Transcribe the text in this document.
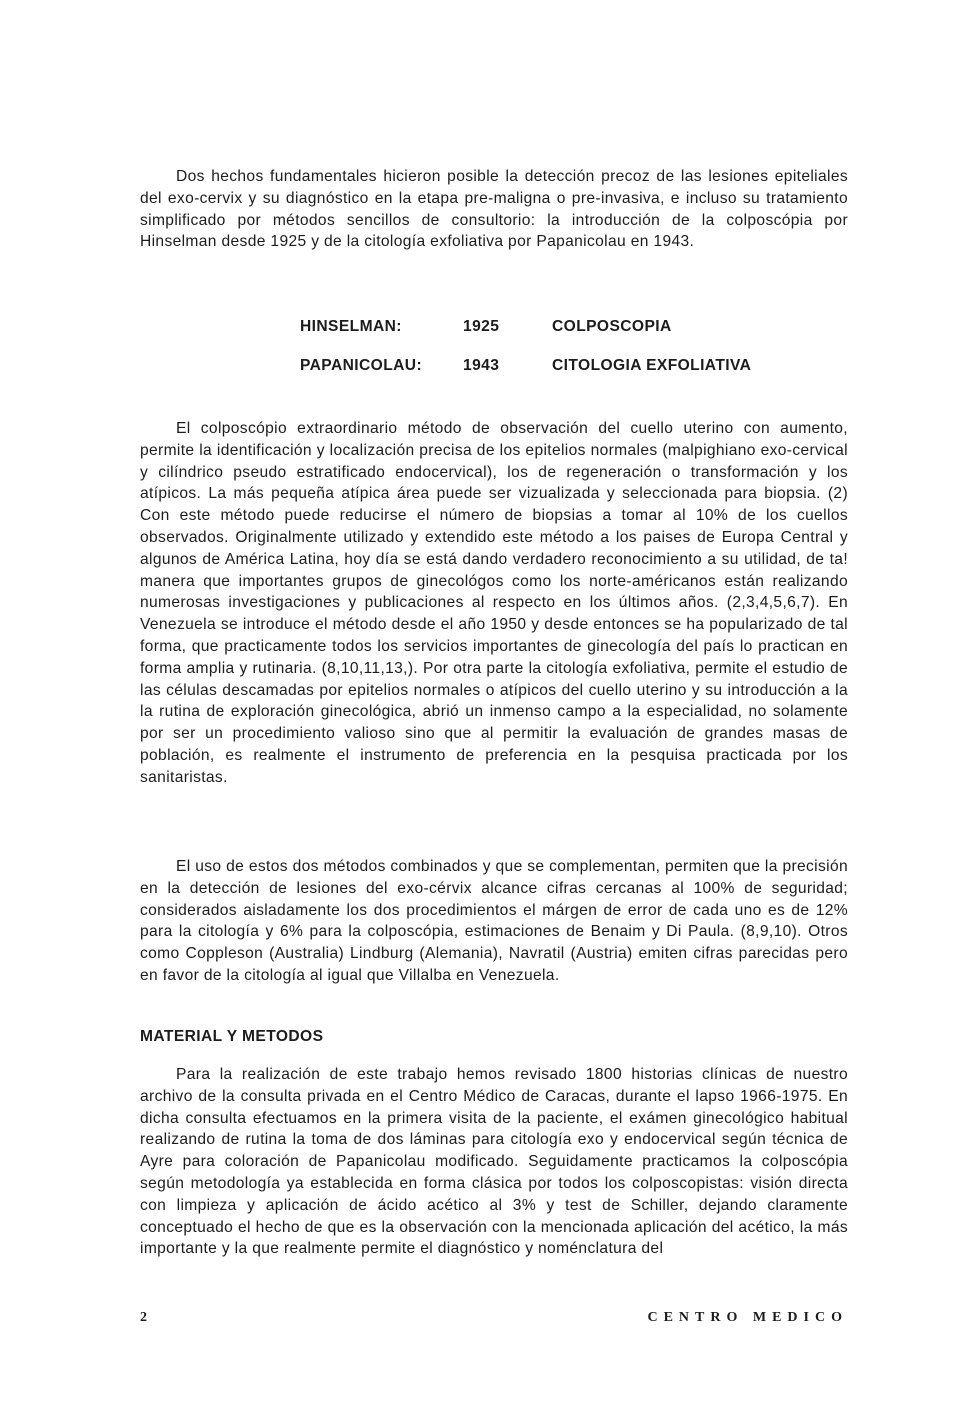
Dos hechos fundamentales hicieron posible la detección precoz de las lesiones epiteliales del exo-cervix y su diagnóstico en la etapa pre-maligna o pre-invasiva, e incluso su tratamiento simplificado por métodos sencillos de consultorio: la introducción de la colposcópia por Hinselman desde 1925 y de la citología exfoliativa por Papanicolau en 1943.

HINSELMAN:	1925	COLPOSCOPIA
PAPANICOLAU:	1943	CITOLOGIA EXFOLIATIVA

El colposcópio extraordinario método de observación del cuello uterino con aumento, permite la identificación y localización precisa de los epitelios normales (malpighiano exo-cervical y cilíndrico pseudo estratificado endocervical), los de regeneración o transformación y los atípicos. La más pequeña atípica área puede ser vizualizada y seleccionada para biopsia. (2) Con este método puede reducirse el número de biopsias a tomar al 10% de los cuellos observados. Originalmente utilizado y extendido este método a los paises de Europa Central y algunos de América Latina, hoy día se está dando verdadero reconocimiento a su utilidad, de ta! manera que importantes grupos de ginecológos como los norte-américanos están realizando numerosas investigaciones y publicaciones al respecto en los últimos años. (2,3,4,5,6,7). En Venezuela se introduce el método desde el año 1950 y desde entonces se ha popularizado de tal forma, que practicamente todos los servicios importantes de ginecología del país lo practican en forma amplia y rutinaria. (8,10,11,13,). Por otra parte la citología exfoliativa, permite el estudio de las células descamadas por epitelios normales o atípicos del cuello uterino y su introducción a la la rutina de exploración ginecológica, abrió un inmenso campo a la especialidad, no solamente por ser un procedimiento valioso sino que al permitir la evaluación de grandes masas de población, es realmente el instrumento de preferencia en la pesquisa practicada por los sanitaristas.

El uso de estos dos métodos combinados y que se complementan, permiten que la precisión en la detección de lesiones del exo-cérvix alcance cifras cercanas al 100% de seguridad; considerados aisladamente los dos procedimientos el márgen de error de cada uno es de 12% para la citología y 6% para la colposcópia, estimaciones de Benaim y Di Paula. (8,9,10). Otros como Coppleson (Australia) Lindburg (Alemania), Navratil (Austria) emiten cifras parecidas pero en favor de la citología al igual que Villalba en Venezuela.

MATERIAL Y METODOS

Para la realización de este trabajo hemos revisado 1800 historias clínicas de nuestro archivo de la consulta privada en el Centro Médico de Caracas, durante el lapso 1966-1975. En dicha consulta efectuamos en la primera visita de la paciente, el exámen ginecológico habitual realizando de rutina la toma de dos láminas para citología exo y endocervical según técnica de Ayre para coloración de Papanicolau modificado. Seguidamente practicamos la colposcópia según metodología ya establecida en forma clásica por todos los colposcopistas: visión directa con limpieza y aplicación de ácido acético al 3% y test de Schiller, dejando claramente conceptuado el hecho de que es la observación con la mencionada aplicación del acético, la más importante y la que realmente permite el diagnóstico y noménclatura del

2	CENTRO MEDICO
